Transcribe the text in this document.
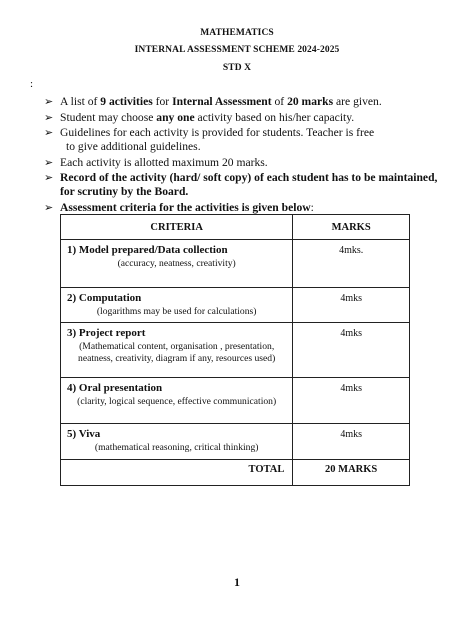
MATHEMATICS
INTERNAL ASSESSMENT SCHEME 2024-2025
STD X
:
➢ A list of 9 activities for Internal Assessment of 20 marks are given.
➢ Student may choose any one activity based on his/her capacity.
➢ Guidelines for each activity is provided for students. Teacher is free
to give additional guidelines.
➢ Each activity is allotted maximum 20 marks.
➢ Record of the activity (hard/ soft copy) of each student has to be maintained, for scrutiny by the Board.
➢ Assessment criteria for the activities is given below:
CRITERIA	MARKS

1) Model prepared/Data collection
(accuracy, neatness, creativity)	4mks.

2) Computation
(logarithms may be used for calculations)	4mks

3) Project report
(Mathematical content, organisation , presentation, neatness, creativity, diagram if any, resources used)	4mks

4) Oral presentation
(clarity, logical sequence, effective communication)	4mks

5) Viva
(mathematical reasoning, critical thinking)	4mks

TOTAL	20 MARKS
1
